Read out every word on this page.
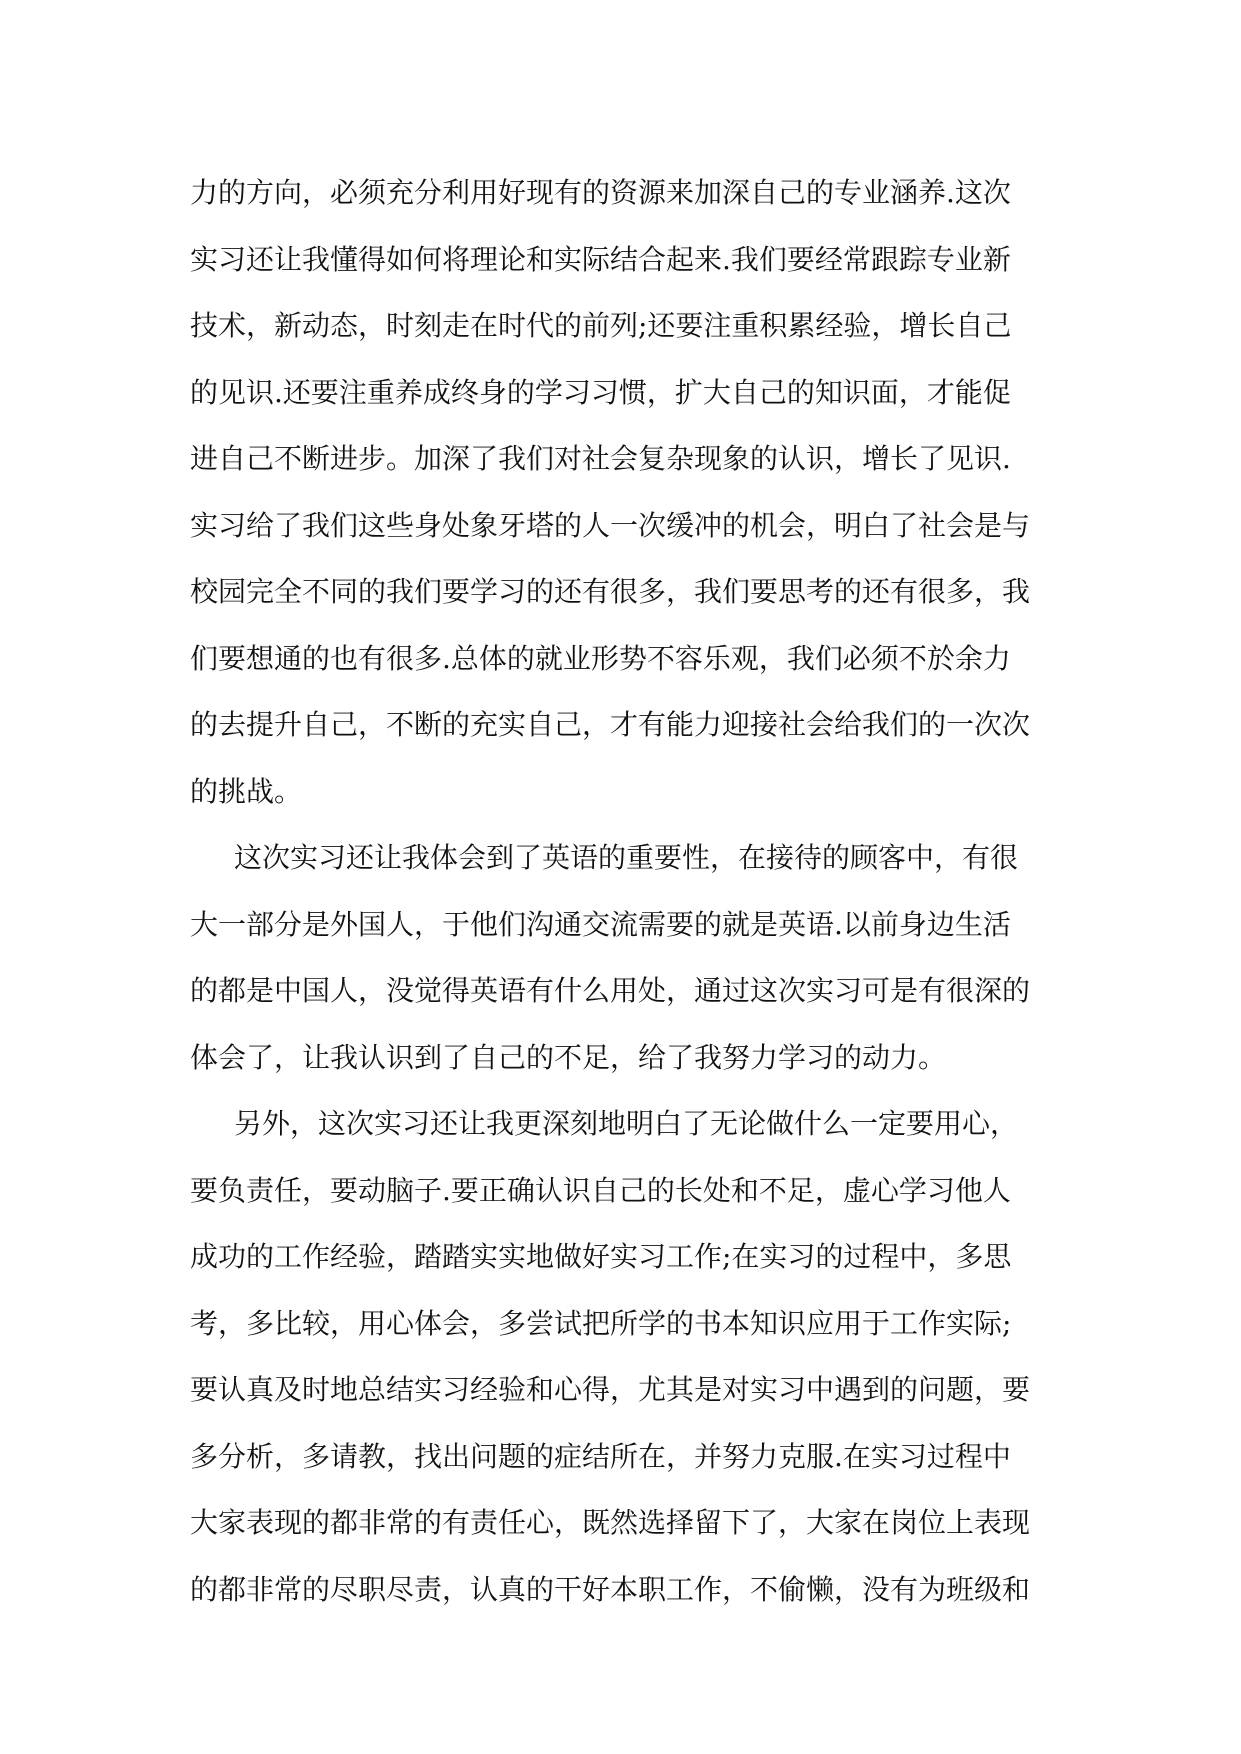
力的方向，必须充分利用好现有的资源来加深自己的专业涵养.这次
实习还让我懂得如何将理论和实际结合起来.我们要经常跟踪专业新
技术，新动态，时刻走在时代的前列;还要注重积累经验，增长自己
的见识.还要注重养成终身的学习习惯，扩大自己的知识面，才能促
进自己不断进步。加深了我们对社会复杂现象的认识，增长了见识.
实习给了我们这些身处象牙塔的人一次缓冲的机会，明白了社会是与
校园完全不同的我们要学习的还有很多，我们要思考的还有很多，我
们要想通的也有很多.总体的就业形势不容乐观，我们必须不於余力
的去提升自己，不断的充实自己，才有能力迎接社会给我们的一次次
的挑战。
这次实习还让我体会到了英语的重要性，在接待的顾客中，有很
大一部分是外国人，于他们沟通交流需要的就是英语.以前身边生活
的都是中国人，没觉得英语有什么用处，通过这次实习可是有很深的
体会了，让我认识到了自己的不足，给了我努力学习的动力。
另外，这次实习还让我更深刻地明白了无论做什么一定要用心，
要负责任，要动脑子.要正确认识自己的长处和不足，虚心学习他人
成功的工作经验，踏踏实实地做好实习工作;在实习的过程中，多思
考，多比较，用心体会，多尝试把所学的书本知识应用于工作实际;
要认真及时地总结实习经验和心得，尤其是对实习中遇到的问题，要
多分析，多请教，找出问题的症结所在，并努力克服.在实习过程中
大家表现的都非常的有责任心，既然选择留下了，大家在岗位上表现
的都非常的尽职尽责，认真的干好本职工作，不偷懒，没有为班级和
